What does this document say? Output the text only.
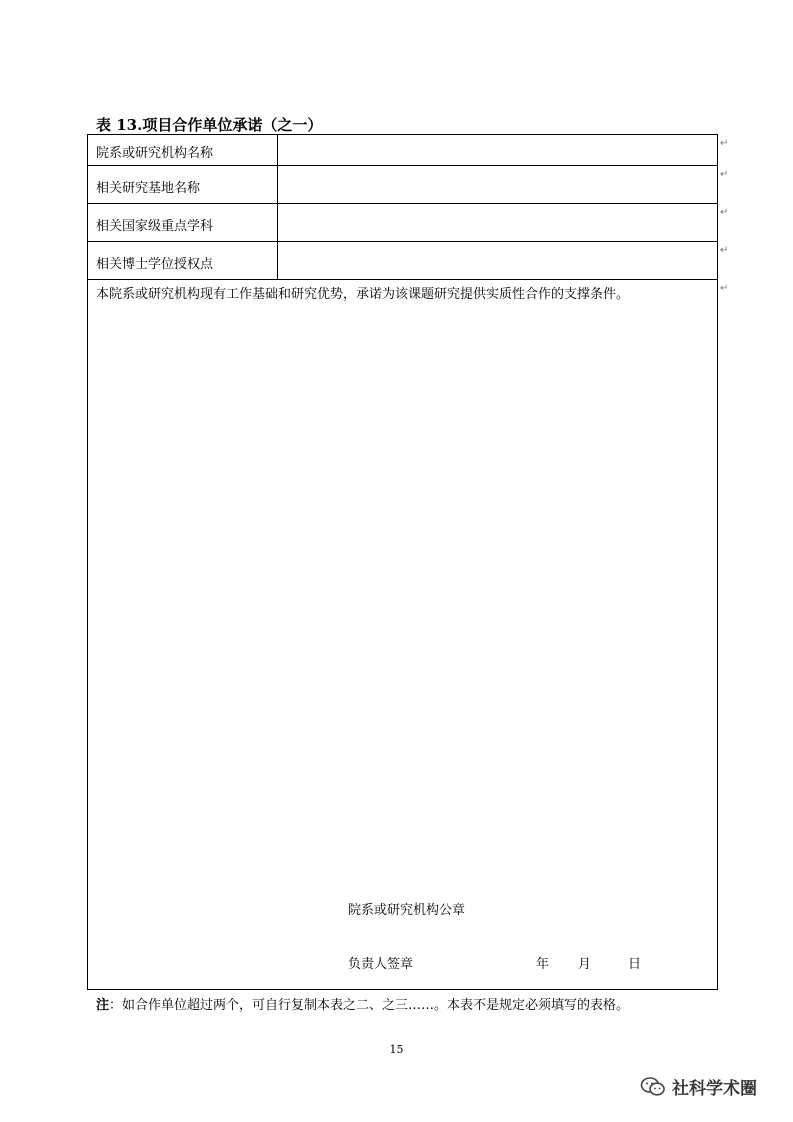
表 13.项目合作单位承诺（之一）
院系或研究机构名称
相关研究基地名称
相关国家级重点学科
相关博士学位授权点
本院系或研究机构现有工作基础和研究优势，承诺为该课题研究提供实质性合作的支撑条件。
院系或研究机构公章
负责人签章	年 月	日
↵
↵
↵
↵
↵
注：如合作单位超过两个，可自行复制本表之二、之三……。本表不是规定必须填写的表格。
15
社科学术圈
